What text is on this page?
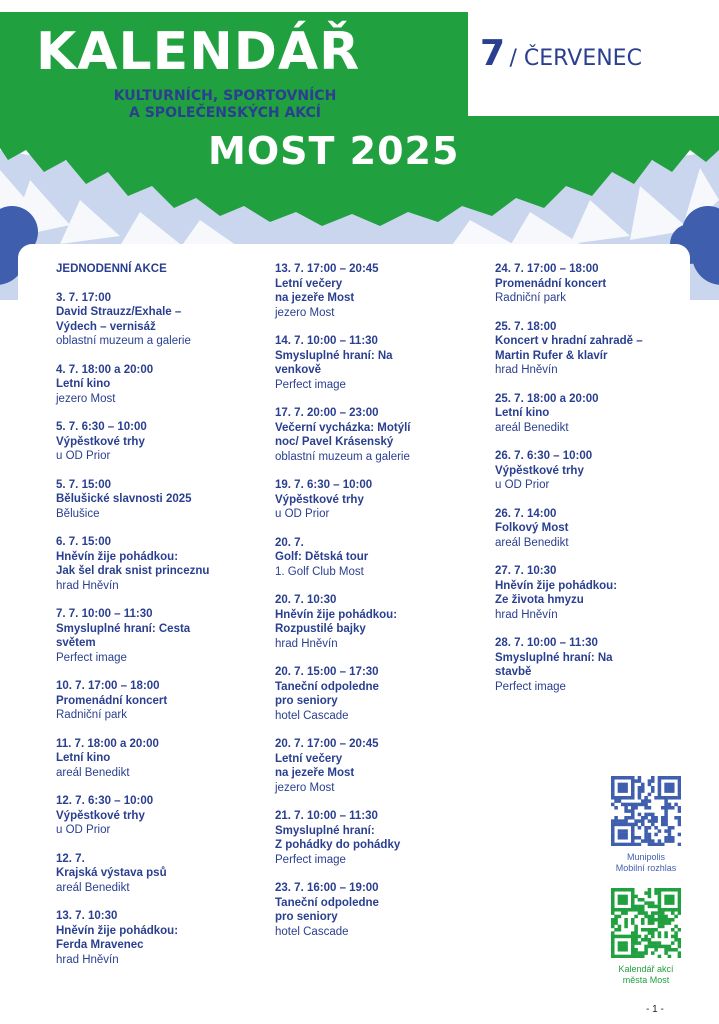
KALENDÁŘ
KULTURNÍCH, SPORTOVNÍCH
A SPOLEČENSKÝCH AKCÍ
MOST 2025
7 / ČERVENEC
JEDNODENNÍ AKCE
3. 7. 17:00
David Strauzz/Exhale –
Výdech – vernisáž
oblastní muzeum a galerie
4. 7. 18:00 a 20:00
Letní kino
jezero Most
5. 7. 6:30 – 10:00
Výpěstkové trhy
u OD Prior
5. 7. 15:00
Bělušické slavnosti 2025
Bělušice
6. 7. 15:00
Hněvín žije pohádkou:
Jak šel drak snist princeznu
hrad Hněvín
7. 7. 10:00 – 11:30
Smysluplné hraní: Cesta
světem
Perfect image
10. 7. 17:00 – 18:00
Promenádní koncert
Radniční park
11. 7. 18:00 a 20:00
Letní kino
areál Benedikt
12. 7. 6:30 – 10:00
Výpěstkové trhy
u OD Prior
12. 7.
Krajská výstava psů
areál Benedikt
13. 7. 10:30
Hněvín žije pohádkou:
Ferda Mravenec
hrad Hněvín
13. 7. 17:00 – 20:45
Letní večery
na jezeře Most
jezero Most
14. 7. 10:00 – 11:30
Smysluplné hraní: Na
venkově
Perfect image
17. 7. 20:00 – 23:00
Večerní vycházka: Motýlí
noc/ Pavel Krásenský
oblastní muzeum a galerie
19. 7. 6:30 – 10:00
Výpěstkové trhy
u OD Prior
20. 7.
Golf: Dětská tour
1. Golf Club Most
20. 7. 10:30
Hněvín žije pohádkou:
Rozpustilé bajky
hrad Hněvín
20. 7. 15:00 – 17:30
Taneční odpoledne
pro seniory
hotel Cascade
20. 7. 17:00 – 20:45
Letní večery
na jezeře Most
jezero Most
21. 7. 10:00 – 11:30
Smysluplné hraní:
Z pohádky do pohádky
Perfect image
23. 7. 16:00 – 19:00
Taneční odpoledne
pro seniory
hotel Cascade
24. 7. 17:00 – 18:00
Promenádní koncert
Radniční park
25. 7. 18:00
Koncert v hradní zahradě –
Martin Rufer & klavír
hrad Hněvín
25. 7. 18:00 a 20:00
Letní kino
areál Benedikt
26. 7. 6:30 – 10:00
Výpěstkové trhy
u OD Prior
26. 7. 14:00
Folkový Most
areál Benedikt
27. 7. 10:30
Hněvín žije pohádkou:
Ze života hmyzu
hrad Hněvín
28. 7. 10:00 – 11:30
Smysluplné hraní: Na
stavbě
Perfect image
Munipolis
Mobilní rozhlas
Kalendář akcí
města Most
- 1 -
